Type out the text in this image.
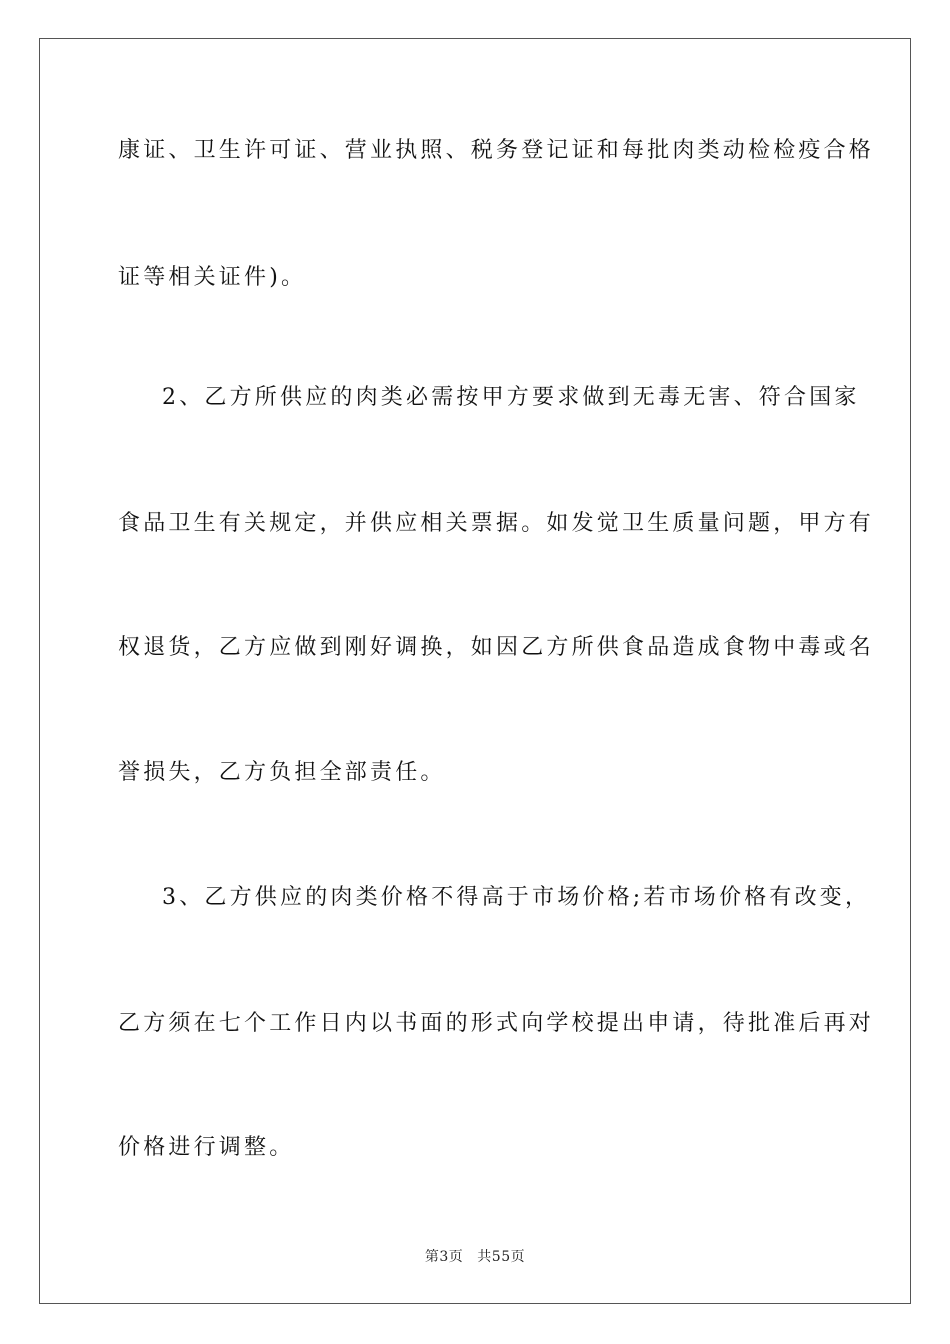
康证、卫生许可证、营业执照、税务登记证和每批肉类动检检疫合格
证等相关证件)。
2、乙方所供应的肉类必需按甲方要求做到无毒无害、符合国家
食品卫生有关规定，并供应相关票据。如发觉卫生质量问题，甲方有
权退货，乙方应做到刚好调换，如因乙方所供食品造成食物中毒或名
誉损失，乙方负担全部责任。
3、乙方供应的肉类价格不得高于市场价格;若市场价格有改变，
乙方须在七个工作日内以书面的形式向学校提出申请，待批准后再对
价格进行调整。
第3页 共55页
